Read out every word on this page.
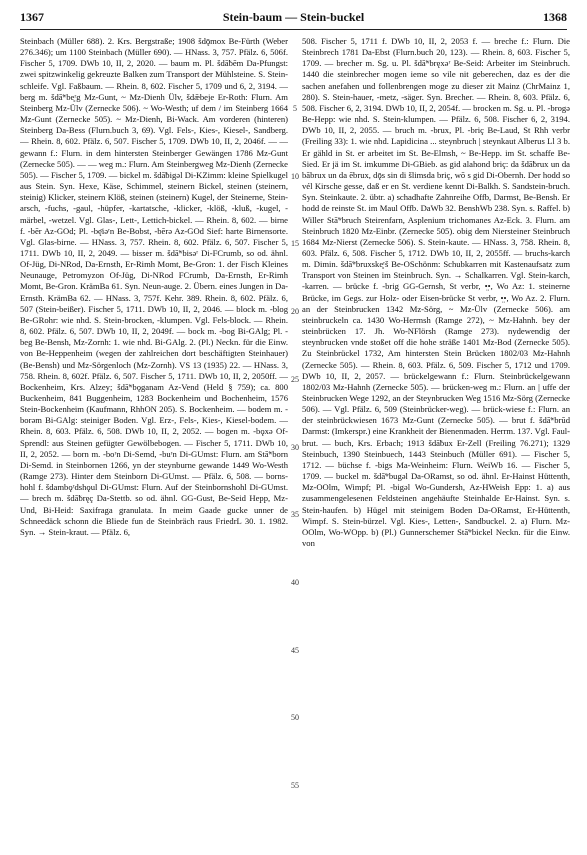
1367	Stein-baum — Stein-buckel	1368

Steinbach (Müller 688). 2. Krs. Bergstraße; 1908 šdǭmox Be-Fürth (Weber 276.346); um 1100 Steinbach (Müller 690). — HNass. 3, 757. Pfälz. 6, 506f. Fischer 5, 1709. DWb 10, II, 2, 2020. — baum m. Pl. šdā̃bēm Da-Pfungst: zwei spitzwinkelig gekreuzte Balken zum Transport der Mühlsteine. S. Stein-schleife. Vgl. Faßbaum. — Rhein. 8, 602. Fischer 5, 1709 und 6, 2, 3194. — berg m. šdā̃ʷbe̥ʳg Mz-Gunt, ~ Mz-Dienh Ülv, šdǣbeje Er-Roth: Flurn. Am Steinberg Mz-Ülv (Zernecke 506). ~ Wo-Westh; uf dem / im Steinberg 1664 Mz-Gunt (Zernecke 505). ~ Mz-Dienh, Bi-Wack. Am vorderen (hinteren) Steinberg Da-Bess (Flurn.buch 3, 69). Vgl. Fels-, Kies-, Kiesel-, Sandberg. — Rhein. 8, 602. Pfälz. 6, 507. Fischer 5, 1709. DWb 10, II, 2, 2046f. — — gewann f.: Flurn. in dem hintersten Steinberger Gewängen 1786 Mz-Gunt (Zernecke 505). — — weg m.: Flurn. Am Steinbergweg Mz-Dienh (Zernecke 505). — Fischer 5, 1709. — bickel m. šdā̃bigəl Di-KZimm: kleine Spielkugel aus Stein. Syn. Hexe, Käse, Schimmel, steinern Bickel, steinen (steinern, steinig) Klicker, steinern Klöß, steinen (steinern) Kugel, der Steinerne, Stein-arsch, -fuchs, -gaul, -hüpfer, -kartatsche, -klicker, -klöß, -kluß, -kugel, -märbel, -wetzel. Vgl. Glas-, Lett-, Lettich-bickel. — Rhein. 8, 602. — birne f. -bēr Az-GOd; Pl. -bę̄iəʳn Be-Bobst, -bērə Az-GOd Sief: harte Birnensorte. Vgl. Glas-birne. — HNass. 3, 757. Rhein. 8, 602. Pfälz. 6, 507. Fischer 5, 1711. DWb 10, II, 2, 2049. — bisser m. šdā̃ʷbisəʳ Di-FCrumb, so od. ähnl. Of-Jüg, Di-NRod, Da-Ernsth, Er-Rimh Momt, Be-Gron: 1. der Fisch Kleines Neunauge, Petromyzon Of-Jüg, Di-NRod FCrumb, Da-Ernsth, Er-Rimh Momt, Be-Gron. KrämBa 61. Syn. Neun-auge. 2. Übern. eines Jungen in Da-Ernsth. KrämBa 62. — HNass. 3, 757f. Kehr. 389. Rhein. 8, 602. Pfälz. 6, 507 (Stein-beißer). Fischer 5, 1711. DWb 10, II, 2, 2046. — block m. -blog Be-GRohr: wie nhd. S. Stein-brocken, -klumpen. Vgl. Fels-block. — Rhein. 8, 602. Pfälz. 6, 507. DWb 10, II, 2, 2049f. — bock m. -bog Bi-GAlg; Pl. -beg Be-Bensh, Mz-Zornh: 1. wie nhd. Bi-GAlg. 2. (Pl.) Neckn. für die Einw. von Be-Heppenheim (wegen der zahlreichen dort beschäftigten Steinhauer) (Be-Bensh) und Mz-Sörgenloch (Mz-Zornh). VS 13 (1935) 22. — HNass. 3, 758. Rhein. 8, 602f. Pfälz. 6, 507. Fischer 5, 1711. DWb 10, II, 2, 2050ff. — Bockenheim, Krs. Alzey; šdā̃ʷbǫganam Az-Vend (Held § 759); ca. 800 Buckenheim, 841 Buggenheim, 1283 Bockenheim und Bochenheim, 1576 Stein-Bockenheim (Kaufmann, RhhON 205). S. Bockenheim. — bodem m. -borəm Bi-GAlg: steiniger Boden. Vgl. Erz-, Fels-, Kies-, Kiesel-bodem. — Rhein. 8, 603. Pfälz. 6, 508. DWb 10, II, 2, 2052. — bogen m. -bǫxə Of-Sprendl: aus Steinen gefügter Gewölbebogen. — Fischer 5, 1711. DWb 10, II, 2, 2052. — born m. -boʳn Di-Semd, -buʳn Di-GUmst: Flurn. am Stā̃ʷborn Di-Semd. in Steinbornen 1266, yn der steynburne gewande 1449 Wo-Westh (Ramge 273). Hinter dem Steinborn Di-GUmst. — Pfälz. 6, 508. — borns-hohl f. šdambǫʳdshǫul Di-GUmst: Flurn. Auf der Steinbornshohl Di-GUmst. — brech m. šdā̃bręç Da-Stettb. so od. ähnl. GG-Gust, Be-Seid Hepp, Mz-Und, Bi-Heid: Saxifraga granulata. In meim Gaade gucke unner de Schneedäck schonn die Bliede fun de Steinbräch raus FriedrL 30. 1. 1982. Syn. → Stein-kraut. — Pfälz. 6,

5
10
15
20
25
30
35
40
45
50
55

508. Fischer 5, 1711 f. DWb 10, II, 2, 2053 f. — breche f.: Flurn. Die Steinbrech 1781 Da-Ebst (Flurn.buch 20, 123). — Rhein. 8, 603. Fischer 5, 1709. — brecher m. Sg. u. Pl. šdā̃ʷbręxəʳ Be-Seid: Arbeiter im Steinbruch. 1440 die steinbrecher mogen ieme so vile nit geberechen, daz es der die sachen anefahen und follenbrengen moge zu dieser zit Mainz (ChrMainz 1, 280). S. Stein-hauer, -metz, -säger. Syn. Brecher. — Rhein. 8, 603. Pfälz. 6, 508. Fischer 6, 2, 3194. DWb 10, II, 2, 2054f. — brocken m. Sg. u. Pl. -brogə Be-Hepp: wie nhd. S. Stein-klumpen. — Pfälz. 6, 508. Fischer 6, 2, 3194. DWb 10, II, 2, 2055. — bruch m. -brux, Pl. -briç Be-Laud, St Rhh verbr (Freiling 33): 1. wie nhd. Lapidicina ... steynbruch | steynkaut Alberus Ll 3 b. Er gähld in St. er arbeitet im St. Be-Elmsh, ~ Be-Hepp. im St. schaffe Be-Sied. Er jä im St. imkumme Di-GBieb. as gid alahond briç: da šdā̃brux un da bābrux un da ēbrux, dǭs sin di šlimsda briç, wō s gid Di-Obernh. Der hodd so vél Kirsche gesse, daß er en St. verdiene kennt Di-Balkh. S. Sandstein-bruch. Syn. Steinkaute. 2. übtr. a) schadhafte Zahnreihe Offb, Darmst, Be-Bensh. Er hodd de reinste St. im Maul Offb. DaWb 32. BenshWb 238. Syn. s. Raffel. b) Willer Stā̃ʷbruch Steirenfarn, Asplenium trichomanes Az-Eck. 3. Flurn. am Steinbruch 1820 Mz-Einbr. (Zernecke 505). obig dem Niersteiner Steinbruch 1684 Mz-Nierst (Zernecke 506). S. Stein-kaute. — HNass. 3, 758. Rhein. 8, 603. Pfälz. 6, 508. Fischer 5, 1712. DWb 10, II, 2, 2055ff. — bruchs-karch m. Dimin. šdā̃ʷbruxske̥ʳš Be-OSchönm: Schubkarren mit Kastenaufsatz zum Transport von Steinen im Steinbruch. Syn. → Schalkarren. Vgl. Stein-karch, -karren. — brücke f. -brig GG-Gernsh, St verbr, •̤•, Wo Az: 1. steinerne Brücke, im Gegs. zur Holz- oder Eisen-brücke St verbr, •̤•, Wo Az. 2. Flurn. an der Steinbrucken 1342 Mz-Sörg, ~ Mz-Ülv (Zernecke 506). am steinbruckeln ca. 1430 Wo-Herrnsh (Ramge 272), ~ Mz-Hahnh. bey der steinbrücken 17. Jh. Wo-NFlörsh (Ramge 273). nydewendig der steynbrucken vnde stoßet off die hohe sträße 1401 Mz-Bod (Zernecke 505). Zu Steinbrückel 1732, Am hintersten Stein Brücken 1802/03 Mz-Hahnh (Zernecke 505). — Rhein. 8, 603. Pfälz. 6, 509. Fischer 5, 1712 und 1709. DWb 10, II, 2, 2057. — brückelgewann f.: Flurn. Steinbrückelgewann 1802/03 Mz-Hahnh (Zernecke 505). — brücken-weg m.: Flurn. an | uffe der Steinbrucken Wege 1292, an der Steynbrucken Weg 1516 Mz-Sörg (Zernecke 506). — Vgl. Pfälz. 6, 509 (Steinbrücker-weg). — brück-wiese f.: Flurn. an der steinbrückwiesen 1673 Mz-Gunt (Zernecke 505). — brut f. šdā̃ʷbrūd Darmst: (Imkerspr.) eine Krankheit der Bienenmaden. Herrm. 137. Vgl. Faul-brut. — buch, Krs. Erbach; 1913 šdā̃bux Er-Zell (Freiling 76.271); 1329 Steinbuch, 1390 Steinbuech, 1443 Steinbuch (Müller 691). — Fischer 5, 1712. — büchse f. -bigs Ma-Weinheim: Flurn. WeiWb 16. — Fischer 5, 1709. — buckel m. šdā̃ʷbugəl Da-ORamst, so od. ähnl. Er-Hainst Hüttenth, Mz-OOlm, Wimpf; Pl. -bigəl Wo-Gundersh, Az-HWeish Epp: 1. a) aus zusammengelesenen Feldsteinen angehäufte Steinhalde Er-Hainst. Syn. s. Stein-haufen. b) Hügel mit steinigem Boden Da-ORamst, Er-Hüttenth, Wimpf. S. Stein-bürzel. Vgl. Kies-, Letten-, Sandbuckel. 2. a) Flurn. Mz-OOlm, Wo-WOpp. b) (Pl.) Gunnerschemer Stā̃ʷbickel Neckn. für die Einw. von
